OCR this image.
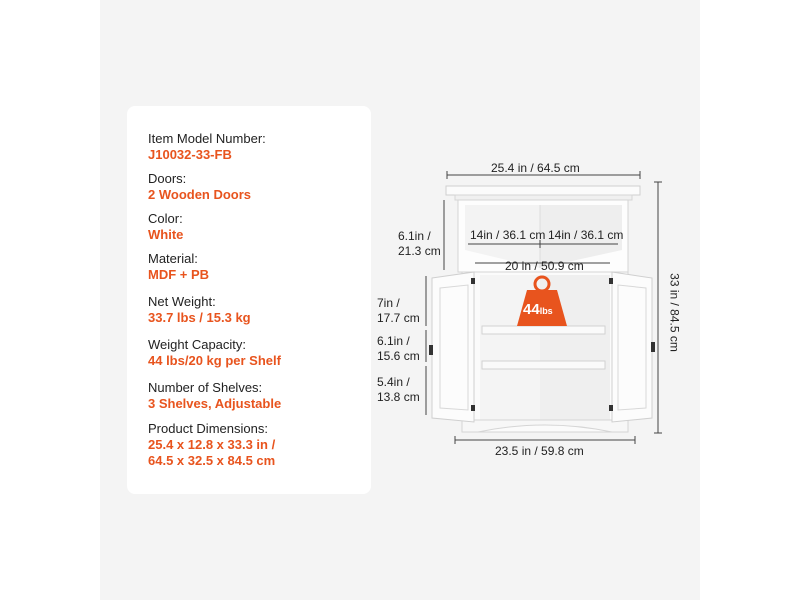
Item Model Number:
J10032-33-FB
Doors:
2 Wooden Doors
Color:
White
Material:
MDF + PB
Net Weight:
33.7 lbs / 15.3 kg
Weight Capacity:
44 lbs/20 kg per Shelf
Number of Shelves:
3 Shelves, Adjustable
Product Dimensions:
25.4 x 12.8 x 33.3 in /
64.5 x 32.5 x 84.5 cm
44lbs
25.4 in / 64.5 cm
14in / 36.1 cm 14in / 36.1 cm
20 in / 50.9 cm
23.5 in / 59.8 cm
6.1in /
21.3 cm
7in /
17.7 cm
6.1in /
15.6 cm
5.4in /
13.8 cm
33 in / 84.5 cm
